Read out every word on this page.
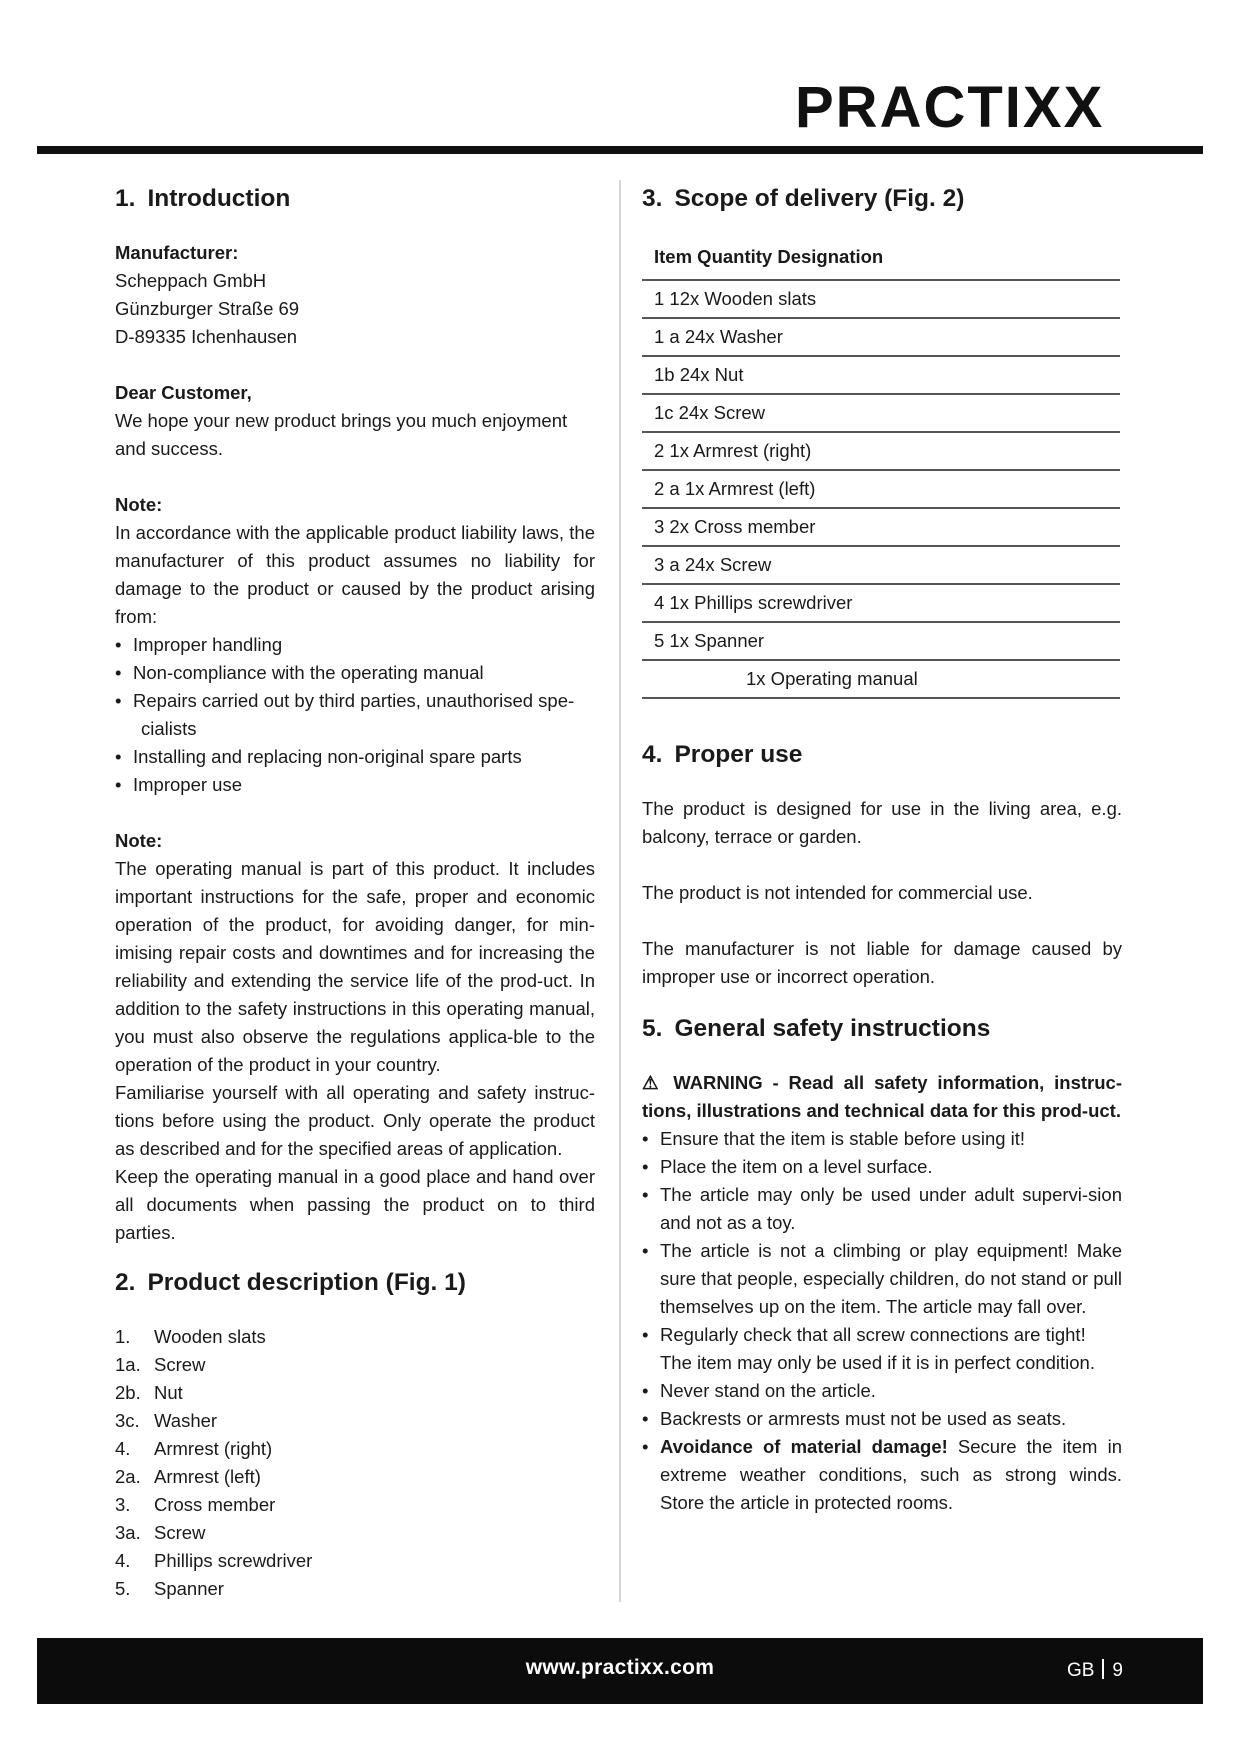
PRACTIXX
1. Introduction

Manufacturer:

Scheppach GmbH

Günzburger Straße 69

D-89335 Ichenhausen

Dear Customer,

We hope your new product brings you much enjoyment and success.

Note:

In accordance with the applicable product liability laws, the manufacturer of this product assumes no liability for damage to the product or caused by the product arising from:

• Improper handling
• Non-compliance with the operating manual
• Repairs carried out by third parties, unauthorised spe-
cialists
• Installing and replacing non-original spare parts
• Improper use

Note:

The operating manual is part of this product. It includes important instructions for the safe, proper and economic operation of the product, for avoiding danger, for min-imising repair costs and downtimes and for increasing the reliability and extending the service life of the prod-uct. In addition to the safety instructions in this operating manual, you must also observe the regulations applica-ble to the operation of the product in your country.

Familiarise yourself with all operating and safety instruc-tions before using the product. Only operate the product as described and for the specified areas of application.

Keep the operating manual in a good place and hand over all documents when passing the product on to third parties.

2. Product description (Fig. 1)
1.	Wooden slats
1a. Screw
2b. Nut
3c. Washer
4.	Armrest (right)
2a. Armrest (left)
3.	Cross member
3a. Screw
4.	Phillips screwdriver
5.	Spanner
3. Scope of delivery (Fig. 2)
Item Quantity Designation
1 12x Wooden slats
1 a 24x Washer
1b 24x Nut
1c 24x Screw
2 1x Armrest (right)
2 a 1x Armrest (left)
3 2x Cross member
3 a 24x Screw
4 1x Phillips screwdriver
5 1x Spanner
1x Operating manual
4. Proper use

The product is designed for use in the living area, e.g. balcony, terrace or garden.

The product is not intended for commercial use.

The manufacturer is not liable for damage caused by improper use or incorrect operation.

5. General safety instructions

⚠ WARNING - Read all safety information, instruc-tions, illustrations and technical data for this prod-uct.

• Ensure that the item is stable before using it!
• Place the item on a level surface.
• The article may only be used under adult supervi-sion and not as a toy.
• The article is not a climbing or play equipment! Make sure that people, especially children, do not stand or pull themselves up on the item. The article may fall over.
• Regularly check that all screw connections are tight! The item may only be used if it is in perfect condition.
• Never stand on the article.
• Backrests or armrests must not be used as seats.
• Avoidance of material damage! Secure the item in extreme weather conditions, such as strong winds. Store the article in protected rooms.
www.practixx.com	GB 9
